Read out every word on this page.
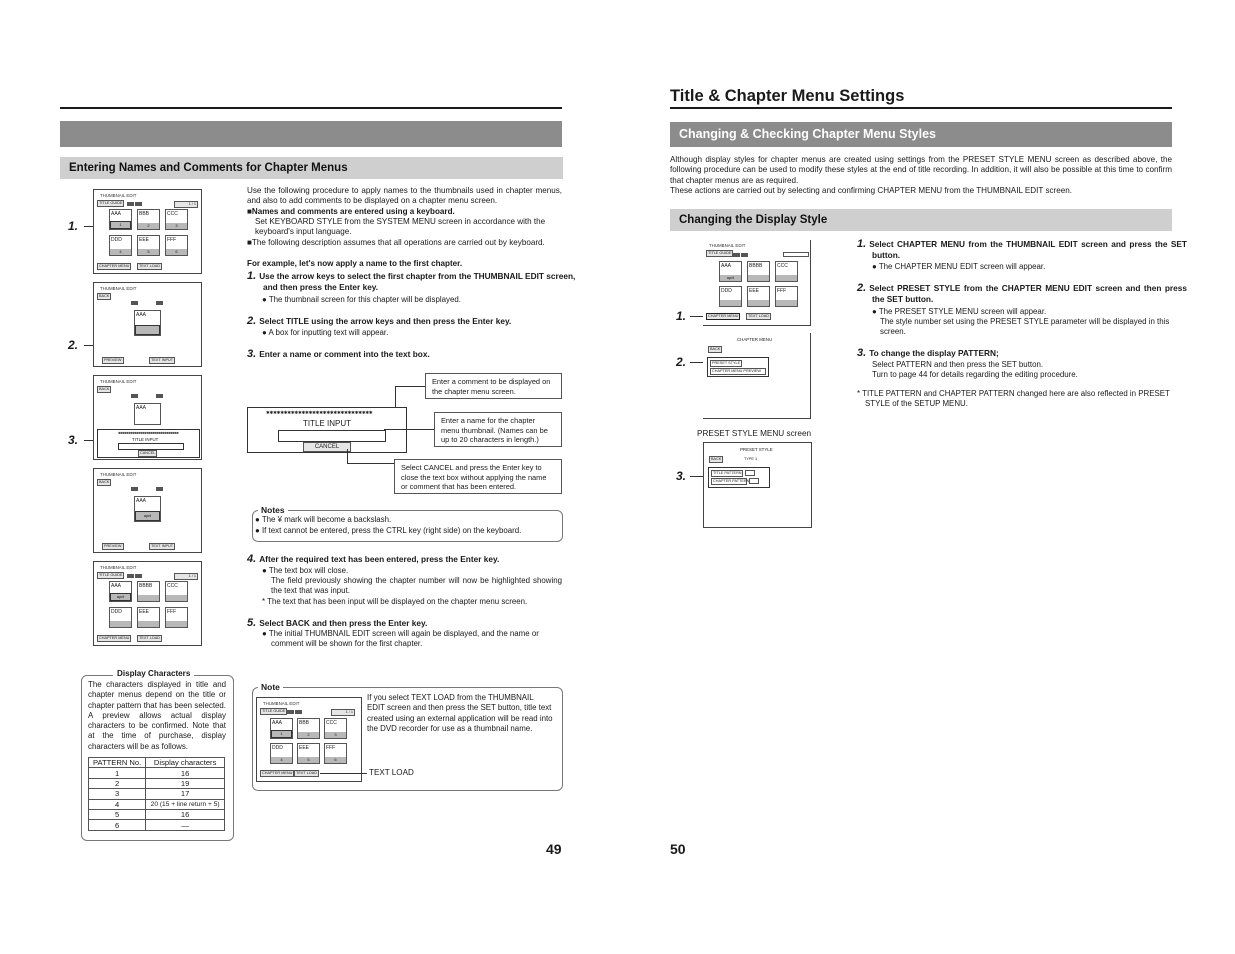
Entering Names and Comments for Chapter Menus
1.
THUMBNAIL EDIT
TITLE GUIDE	1 / 1
AAA
1
BBB
2
CCC
3
DDD
4
EEE
5
FFF
6
CHAPTER MENU	TEXT LOAD
2.
THUMBNAIL EDIT
BACK
AAA
PREVIEW	TEXT INPUT
3.
THUMBNAIL EDIT
BACK
AAA
✱✱✱✱✱✱✱✱✱✱✱✱✱✱✱✱✱✱✱✱✱✱✱✱✱✱✱✱✱✱
TITLE INPUT
CANCEL
THUMBNAIL EDIT
BACK
AAA
april
PREVIEW	TEXT INPUT
THUMBNAIL EDIT
TITLE GUIDE	1 / 1
AAA
april
BBBB	CCC
DDD	EEE	FFF
CHAPTER MENU	TEXT LOAD
Use the following procedure to apply names to the thumbnails used in chapter menus, and also to add comments to be displayed on a chapter menu screen.
■Names and comments are entered using a keyboard.
Set KEYBOARD STYLE from the SYSTEM MENU screen in accordance with the keyboard's input language.
■The following description assumes that all operations are carried out by keyboard.
For example, let's now apply a name to the first chapter.
1. Use the arrow keys to select the first chapter from the THUMBNAIL EDIT screen, and then press the Enter key.
● The thumbnail screen for this chapter will be displayed.
2. Select TITLE using the arrow keys and then press the Enter key.
● A box for inputting text will appear.
3. Enter a name or comment into the text box.
Enter a comment to be displayed on the chapter menu screen.
✱✱✱✱✱✱✱✱✱✱✱✱✱✱✱✱✱✱✱✱✱✱✱✱✱✱✱✱✱✱
TITLE INPUT
CANCEL
Enter a name for the chapter menu thumbnail. (Names can be up to 20 characters in length.)
Select CANCEL and press the Enter key to close the text box without applying the name or comment that has been entered.
Notes
● The ¥ mark will become a backslash.
● If text cannot be entered, press the CTRL key (right side) on the keyboard.
4. After the required text has been entered, press the Enter key.
● The text box will close.
The field previously showing the chapter number will now be highlighted showing the text that was input.
* The text that has been input will be displayed on the chapter menu screen.
5. Select BACK and then press the Enter key.
● The initial THUMBNAIL EDIT screen will again be displayed, and the name or comment will be shown for the first chapter.
Display Characters
The characters displayed in title and chapter menus depend on the title or chapter pattern that has been selected. A preview allows actual display characters to be confirmed. Note that at the time of purchase, display characters will be as follows.
PATTERN No.	Display characters
1	16
2	19
3	17
4	20 (15 + line return + 5)
5	16
6	—
Note
THUMBNAIL EDIT
TITLE GUIDE	1 / 1
AAA
1
BBB
2
CCC
3
DDD
4
EEE
5
FFF
6
CHAPTER MENU TEXT LOAD	TEXT LOAD
If you select TEXT LOAD from the THUMBNAIL EDIT screen and then press the SET button, title text created using an external application will be read into the DVD recorder for use as a thumbnail name.
49
Title & Chapter Menu Settings
Changing & Checking Chapter Menu Styles
Although display styles for chapter menus are created using settings from the PRESET STYLE MENU screen as described above, the following procedure can be used to modify these styles at the end of title recording. In addition, it will also be possible at this time to confirm that chapter menus are as required.
These actions are carried out by selecting and confirming CHAPTER MENU from the THUMBNAIL EDIT screen.
Changing the Display Style
1.
THUMBNAIL EDIT
TITLE GUIDE
AAA
april
BBBB	CCC
DDD	EEE	FFF
CHAPTER MENU	TEXT LOAD
2.
CHAPTER MENU
BACK
PRESET STYLE
CHAPTER MENU PREVIEW
PRESET STYLE MENU screen
3.
PRESET STYLE
BACK	TYPE 1
TITLE PATTERN
CHAPTER PATTERN
1. Select CHAPTER MENU from the THUMBNAIL EDIT screen and press the SET button.
● The CHAPTER MENU EDIT screen will appear.
2. Select PRESET STYLE from the CHAPTER MENU EDIT screen and then press the SET button.
● The PRESET STYLE MENU screen will appear.
The style number set using the PRESET STYLE parameter will be displayed in this screen.
3. To change the display PATTERN;
Select PATTERN and then press the SET button.
Turn to page 44 for details regarding the editing procedure.
* TITLE PATTERN and CHAPTER PATTERN changed here are also reflected in PRESET STYLE of the SETUP MENU.
50
